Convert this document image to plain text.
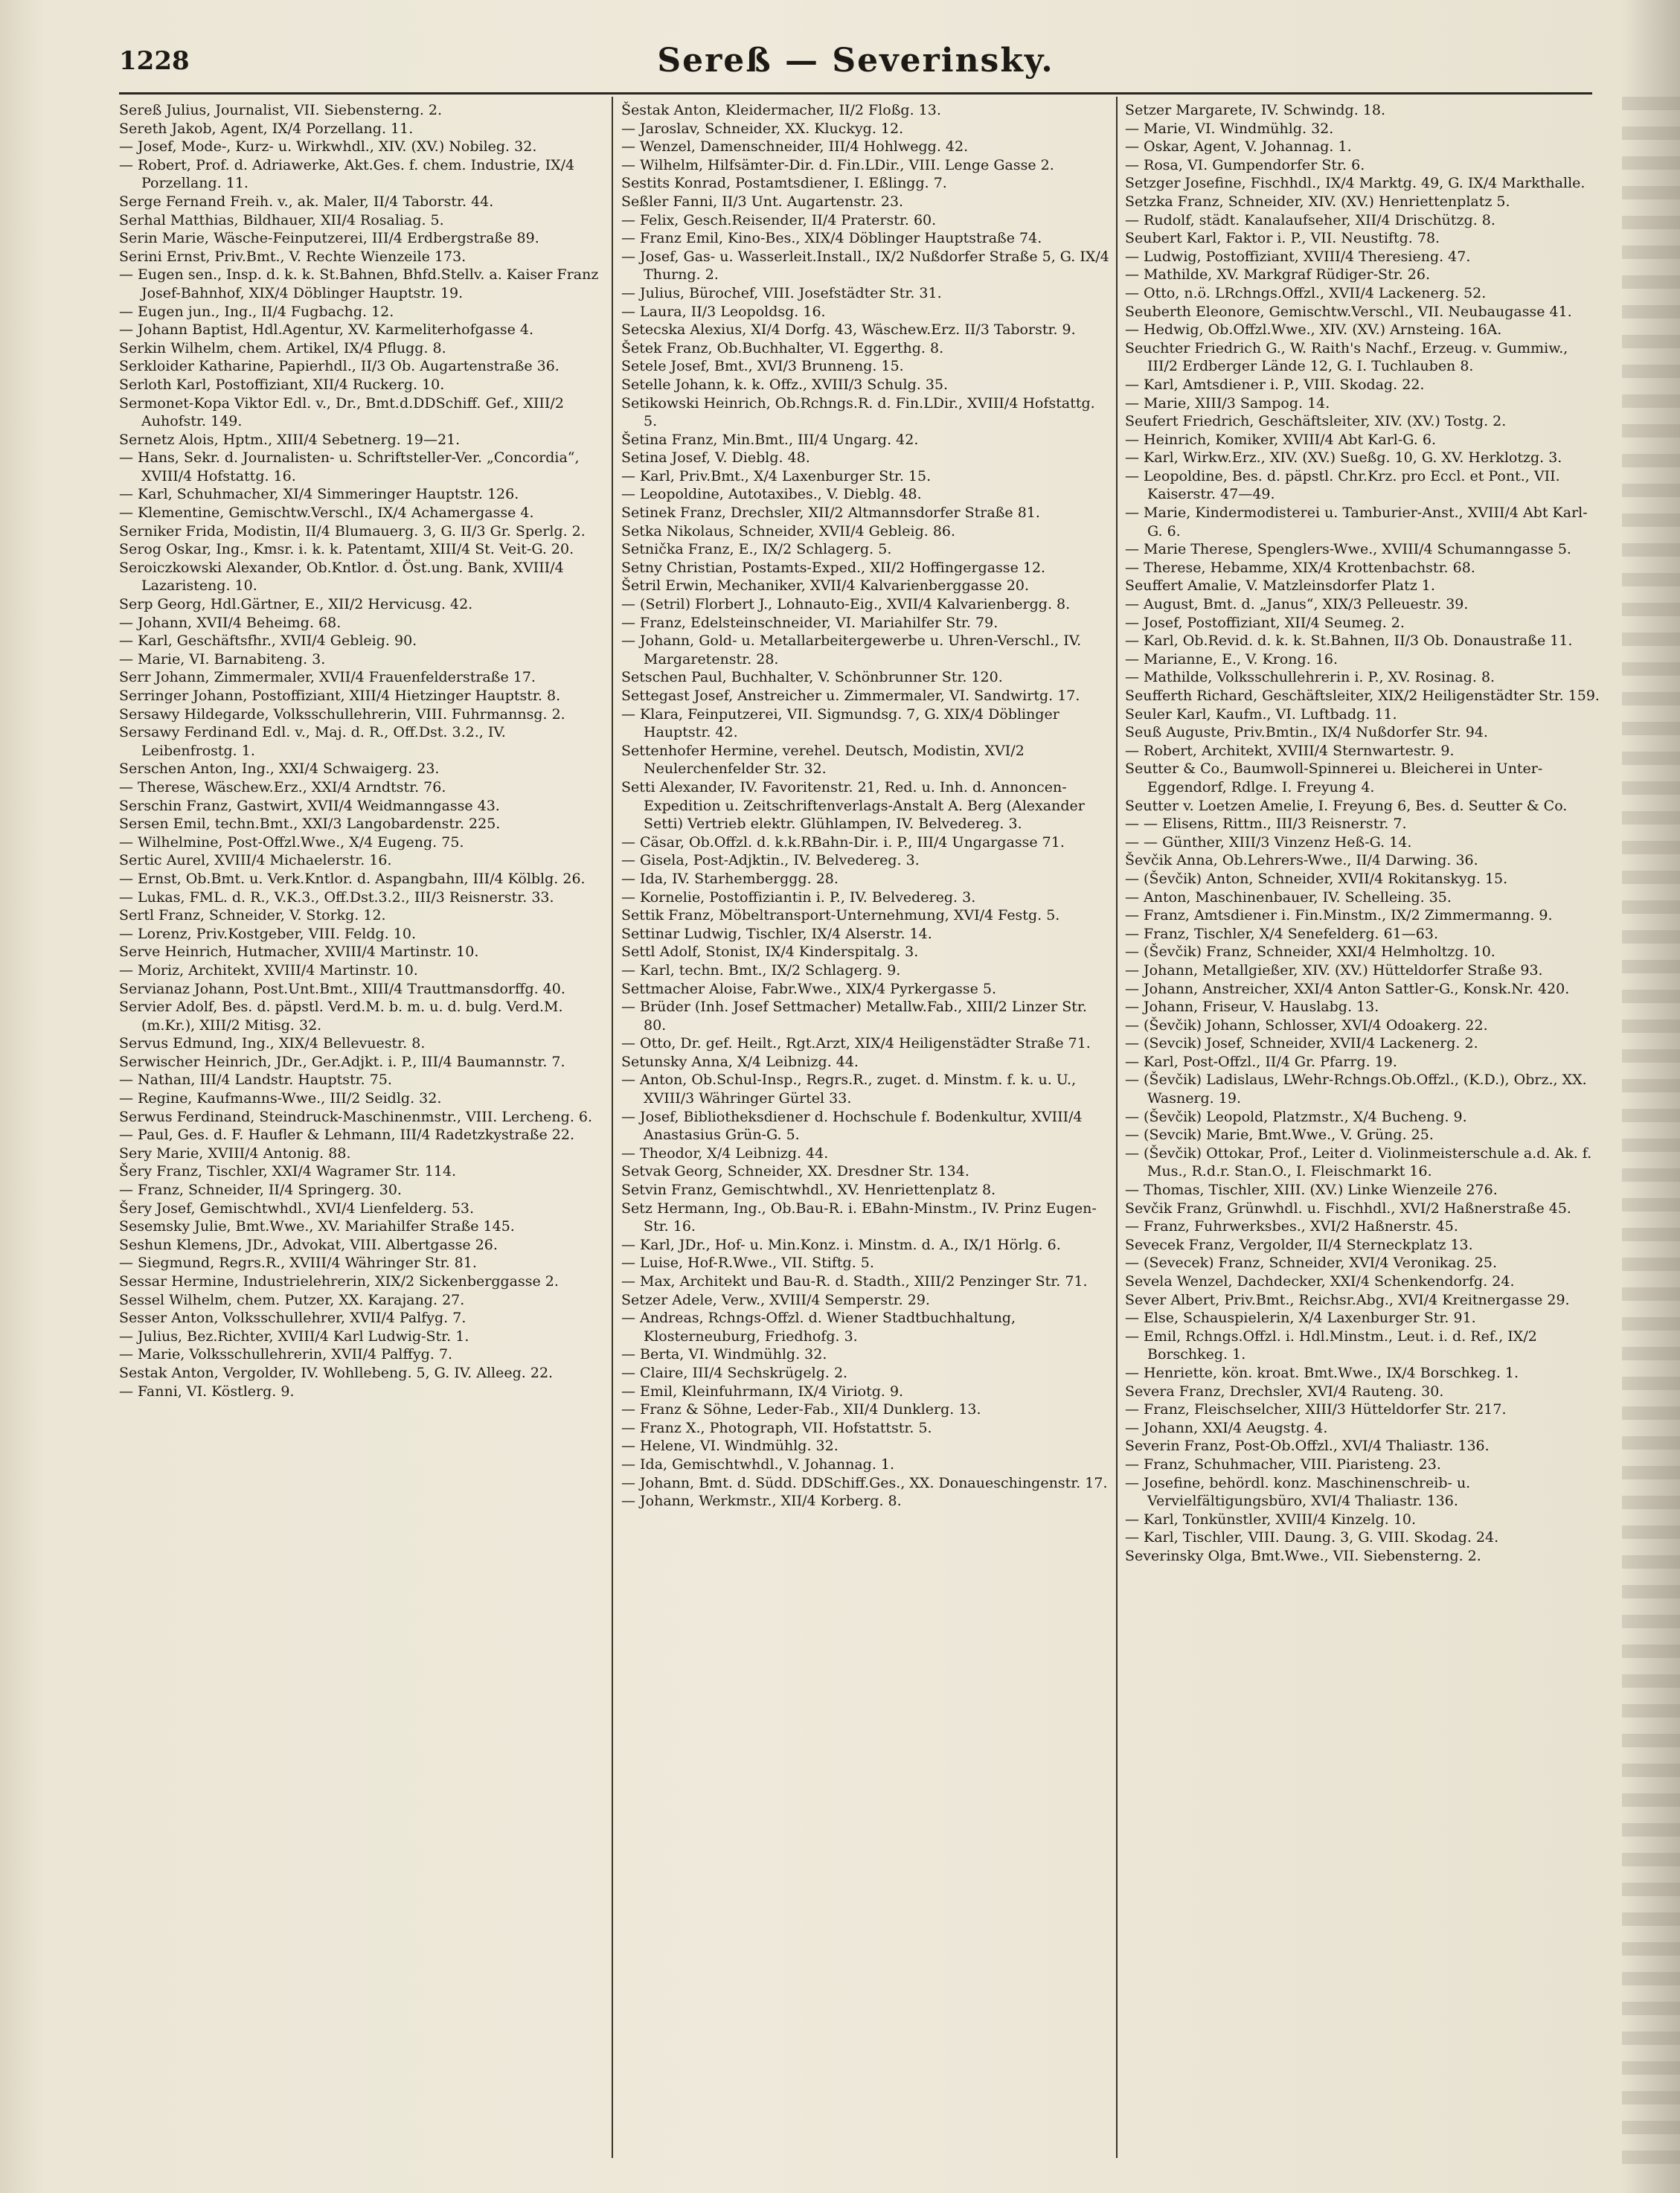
1228	Sereß — Severinsky.
Sereß Julius, Journalist, VII. Siebensterng. 2.
Sereth Jakob, Agent, IX/4 Porzellang. 11.
— Josef, Mode-, Kurz- u. Wirkwhdl., XIV. (XV.) Nobileg. 32.
— Robert, Prof. d. Adriawerke, Akt.Ges. f. chem. Industrie, IX/4 Porzellang. 11.
Serge Fernand Freih. v., ak. Maler, II/4 Taborstr. 44.
Serhal Matthias, Bildhauer, XII/4 Rosaliag. 5.
Serin Marie, Wäsche-Feinputzerei, III/4 Erdbergstraße 89.
Serini Ernst, Priv.Bmt., V. Rechte Wienzeile 173.
— Eugen sen., Insp. d. k. k. St.Bahnen, Bhfd.Stellv. a. Kaiser Franz Josef-Bahnhof, XIX/4 Döblinger Hauptstr. 19.
— Eugen jun., Ing., II/4 Fugbachg. 12.
— Johann Baptist, Hdl.Agentur, XV. Karmeliterhofgasse 4.
Serkin Wilhelm, chem. Artikel, IX/4 Pflugg. 8.
Serkloider Katharine, Papierhdl., II/3 Ob. Augartenstraße 36.
Serloth Karl, Postoffiziant, XII/4 Ruckerg. 10.
Sermonet-Kopa Viktor Edl. v., Dr., Bmt.d.DDSchiff. Gef., XIII/2 Auhofstr. 149.
Sernetz Alois, Hptm., XIII/4 Sebetnerg. 19—21.
— Hans, Sekr. d. Journalisten- u. Schriftsteller-Ver. „Concordia“, XVIII/4 Hofstattg. 16.
— Karl, Schuhmacher, XI/4 Simmeringer Hauptstr. 126.
— Klementine, Gemischtw.Verschl., IX/4 Achamergasse 4.
Serniker Frida, Modistin, II/4 Blumauerg. 3, G. II/3 Gr. Sperlg. 2.
Serog Oskar, Ing., Kmsr. i. k. k. Patentamt, XIII/4 St. Veit-G. 20.
Seroiczkowski Alexander, Ob.Kntlor. d. Öst.ung. Bank, XVIII/4 Lazaristeng. 10.
Serp Georg, Hdl.Gärtner, E., XII/2 Hervicusg. 42.
— Johann, XVII/4 Beheimg. 68.
— Karl, Geschäftsfhr., XVII/4 Gebleig. 90.
— Marie, VI. Barnabiteng. 3.
Serr Johann, Zimmermaler, XVII/4 Frauenfelderstraße 17.
Serringer Johann, Postoffiziant, XIII/4 Hietzinger Hauptstr. 8.
Sersawy Hildegarde, Volksschullehrerin, VIII. Fuhrmannsg. 2.
Sersawy Ferdinand Edl. v., Maj. d. R., Off.Dst. 3.2., IV. Leibenfrostg. 1.
Serschen Anton, Ing., XXI/4 Schwaigerg. 23.
— Therese, Wäschew.Erz., XXI/4 Arndtstr. 76.
Serschin Franz, Gastwirt, XVII/4 Weidmanngasse 43.
Sersen Emil, techn.Bmt., XXI/3 Langobardenstr. 225.
— Wilhelmine, Post-Offzl.Wwe., X/4 Eugeng. 75.
Sertic Aurel, XVIII/4 Michaelerstr. 16.
— Ernst, Ob.Bmt. u. Verk.Kntlor. d. Aspangbahn, III/4 Kölblg. 26.
— Lukas, FML. d. R., V.K.3., Off.Dst.3.2., III/3 Reisnerstr. 33.
Sertl Franz, Schneider, V. Storkg. 12.
— Lorenz, Priv.Kostgeber, VIII. Feldg. 10.
Serve Heinrich, Hutmacher, XVIII/4 Martinstr. 10.
— Moriz, Architekt, XVIII/4 Martinstr. 10.
Servianaz Johann, Post.Unt.Bmt., XIII/4 Trauttmansdorffg. 40.
Servier Adolf, Bes. d. päpstl. Verd.M. b. m. u. d. bulg. Verd.M. (m.Kr.), XIII/2 Mitisg. 32.
Servus Edmund, Ing., XIX/4 Bellevuestr. 8.
Serwischer Heinrich, JDr., Ger.Adjkt. i. P., III/4 Baumannstr. 7.
— Nathan, III/4 Landstr. Hauptstr. 75.
— Regine, Kaufmanns-Wwe., III/2 Seidlg. 32.
Serwus Ferdinand, Steindruck-Maschinenmstr., VIII. Lercheng. 6.
— Paul, Ges. d. F. Haufler & Lehmann, III/4 Radetzkystraße 22.
Sery Marie, XVIII/4 Antonig. 88.
Šery Franz, Tischler, XXI/4 Wagramer Str. 114.
— Franz, Schneider, II/4 Springerg. 30.
Šery Josef, Gemischtwhdl., XVI/4 Lienfelderg. 53.
Sesemsky Julie, Bmt.Wwe., XV. Mariahilfer Straße 145.
Seshun Klemens, JDr., Advokat, VIII. Albertgasse 26.
— Siegmund, Regrs.R., XVIII/4 Währinger Str. 81.
Sessar Hermine, Industrielehrerin, XIX/2 Sickenberggasse 2.
Sessel Wilhelm, chem. Putzer, XX. Karajang. 27.
Sesser Anton, Volksschullehrer, XVII/4 Palfyg. 7.
— Julius, Bez.Richter, XVIII/4 Karl Ludwig-Str. 1.
— Marie, Volksschullehrerin, XVII/4 Palffyg. 7.
Sestak Anton, Vergolder, IV. Wohllebeng. 5, G. IV. Alleeg. 22.
— Fanni, VI. Köstlerg. 9.
Šestak Anton, Kleidermacher, II/2 Floßg. 13.
— Jaroslav, Schneider, XX. Kluckyg. 12.
— Wenzel, Damenschneider, III/4 Hohlwegg. 42.
— Wilhelm, Hilfsämter-Dir. d. Fin.LDir., VIII. Lenge Gasse 2.
Sestits Konrad, Postamtsdiener, I. Eßlingg. 7.
Seßler Fanni, II/3 Unt. Augartenstr. 23.
— Felix, Gesch.Reisender, II/4 Praterstr. 60.
— Franz Emil, Kino-Bes., XIX/4 Döblinger Hauptstraße 74.
— Josef, Gas- u. Wasserleit.Install., IX/2 Nußdorfer Straße 5, G. IX/4 Thurng. 2.
— Julius, Bürochef, VIII. Josefstädter Str. 31.
— Laura, II/3 Leopoldsg. 16.
Setecska Alexius, XI/4 Dorfg. 43, Wäschew.Erz. II/3 Taborstr. 9.
Šetek Franz, Ob.Buchhalter, VI. Eggerthg. 8.
Setele Josef, Bmt., XVI/3 Brunneng. 15.
Setelle Johann, k. k. Offz., XVIII/3 Schulg. 35.
Setikowski Heinrich, Ob.Rchngs.R. d. Fin.LDir., XVIII/4 Hofstattg. 5.
Šetina Franz, Min.Bmt., III/4 Ungarg. 42.
Setina Josef, V. Dieblg. 48.
— Karl, Priv.Bmt., X/4 Laxenburger Str. 15.
— Leopoldine, Autotaxibes., V. Dieblg. 48.
Setinek Franz, Drechsler, XII/2 Altmannsdorfer Straße 81.
Setka Nikolaus, Schneider, XVII/4 Gebleig. 86.
Setnička Franz, E., IX/2 Schlagerg. 5.
Setny Christian, Postamts-Exped., XII/2 Hoffingergasse 12.
Šetril Erwin, Mechaniker, XVII/4 Kalvarienberggasse 20.
— (Setril) Florbert J., Lohnauto-Eig., XVII/4 Kalvarienbergg. 8.
— Franz, Edelsteinschneider, VI. Mariahilfer Str. 79.
— Johann, Gold- u. Metallarbeitergewerbe u. Uhren-Verschl., IV. Margaretenstr. 28.
Setschen Paul, Buchhalter, V. Schönbrunner Str. 120.
Settegast Josef, Anstreicher u. Zimmermaler, VI. Sandwirtg. 17.
— Klara, Feinputzerei, VII. Sigmundsg. 7, G. XIX/4 Döblinger Hauptstr. 42.
Settenhofer Hermine, verehel. Deutsch, Modistin, XVI/2 Neulerchenfelder Str. 32.
Setti Alexander, IV. Favoritenstr. 21, Red. u. Inh. d. Annoncen-Expedition u. Zeitschriftenverlags-Anstalt A. Berg (Alexander Setti) Vertrieb elektr. Glühlampen, IV. Belvedereg. 3.
— Cäsar, Ob.Offzl. d. k.k.RBahn-Dir. i. P., III/4 Ungargasse 71.
— Gisela, Post-Adjktin., IV. Belvedereg. 3.
— Ida, IV. Starhemberggg. 28.
— Kornelie, Postoffiziantin i. P., IV. Belvedereg. 3.
Settik Franz, Möbeltransport-Unternehmung, XVI/4 Festg. 5.
Settinar Ludwig, Tischler, IX/4 Alserstr. 14.
Settl Adolf, Stonist, IX/4 Kinderspitalg. 3.
— Karl, techn. Bmt., IX/2 Schlagerg. 9.
Settmacher Aloise, Fabr.Wwe., XIX/4 Pyrkergasse 5.
— Brüder (Inh. Josef Settmacher) Metallw.Fab., XIII/2 Linzer Str. 80.
— Otto, Dr. gef. Heilt., Rgt.Arzt, XIX/4 Heiligenstädter Straße 71.
Setunsky Anna, X/4 Leibnizg. 44.
— Anton, Ob.Schul-Insp., Regrs.R., zuget. d. Minstm. f. k. u. U., XVIII/3 Währinger Gürtel 33.
— Josef, Bibliotheksdiener d. Hochschule f. Bodenkultur, XVIII/4 Anastasius Grün-G. 5.
— Theodor, X/4 Leibnizg. 44.
Setvak Georg, Schneider, XX. Dresdner Str. 134.
Setvin Franz, Gemischtwhdl., XV. Henriettenplatz 8.
Setz Hermann, Ing., Ob.Bau-R. i. EBahn-Minstm., IV. Prinz Eugen-Str. 16.
— Karl, JDr., Hof- u. Min.Konz. i. Minstm. d. A., IX/1 Hörlg. 6.
— Luise, Hof-R.Wwe., VII. Stiftg. 5.
— Max, Architekt und Bau-R. d. Stadth., XIII/2 Penzinger Str. 71.
Setzer Adele, Verw., XVIII/4 Semperstr. 29.
— Andreas, Rchngs-Offzl. d. Wiener Stadtbuchhaltung, Klosterneuburg, Friedhofg. 3.
— Berta, VI. Windmühlg. 32.
— Claire, III/4 Sechskrügelg. 2.
— Emil, Kleinfuhrmann, IX/4 Viriotg. 9.
— Franz & Söhne, Leder-Fab., XII/4 Dunklerg. 13.
— Franz X., Photograph, VII. Hofstattstr. 5.
— Helene, VI. Windmühlg. 32.
— Ida, Gemischtwhdl., V. Johannag. 1.
— Johann, Bmt. d. Südd. DDSchiff.Ges., XX. Donaueschingenstr. 17.
— Johann, Werkmstr., XII/4 Korberg. 8.
Setzer Margarete, IV. Schwindg. 18.
— Marie, VI. Windmühlg. 32.
— Oskar, Agent, V. Johannag. 1.
— Rosa, VI. Gumpendorfer Str. 6.
Setzger Josefine, Fischhdl., IX/4 Marktg. 49, G. IX/4 Markthalle.
Setzka Franz, Schneider, XIV. (XV.) Henriettenplatz 5.
— Rudolf, städt. Kanalaufseher, XII/4 Drischützg. 8.
Seubert Karl, Faktor i. P., VII. Neustiftg. 78.
— Ludwig, Postoffiziant, XVIII/4 Theresieng. 47.
— Mathilde, XV. Markgraf Rüdiger-Str. 26.
— Otto, n.ö. LRchngs.Offzl., XVII/4 Lackenerg. 52.
Seuberth Eleonore, Gemischtw.Verschl., VII. Neubaugasse 41.
— Hedwig, Ob.Offzl.Wwe., XIV. (XV.) Arnsteing. 16A.
Seuchter Friedrich G., W. Raith's Nachf., Erzeug. v. Gummiw., III/2 Erdberger Lände 12, G. I. Tuchlauben 8.
— Karl, Amtsdiener i. P., VIII. Skodag. 22.
— Marie, XIII/3 Sampog. 14.
Seufert Friedrich, Geschäftsleiter, XIV. (XV.) Tostg. 2.
— Heinrich, Komiker, XVIII/4 Abt Karl-G. 6.
— Karl, Wirkw.Erz., XIV. (XV.) Sueßg. 10, G. XV. Herklotzg. 3.
— Leopoldine, Bes. d. päpstl. Chr.Krz. pro Eccl. et Pont., VII. Kaiserstr. 47—49.
— Marie, Kindermodisterei u. Tamburier-Anst., XVIII/4 Abt Karl-G. 6.
— Marie Therese, Spenglers-Wwe., XVIII/4 Schumanngasse 5.
— Therese, Hebamme, XIX/4 Krottenbachstr. 68.
Seuffert Amalie, V. Matzleinsdorfer Platz 1.
— August, Bmt. d. „Janus“, XIX/3 Pelleuestr. 39.
— Josef, Postoffiziant, XII/4 Seumeg. 2.
— Karl, Ob.Revid. d. k. k. St.Bahnen, II/3 Ob. Donaustraße 11.
— Marianne, E., V. Krong. 16.
— Mathilde, Volksschullehrerin i. P., XV. Rosinag. 8.
Seufferth Richard, Geschäftsleiter, XIX/2 Heiligenstädter Str. 159.
Seuler Karl, Kaufm., VI. Luftbadg. 11.
Seuß Auguste, Priv.Bmtin., IX/4 Nußdorfer Str. 94.
— Robert, Architekt, XVIII/4 Sternwartestr. 9.
Seutter & Co., Baumwoll-Spinnerei u. Bleicherei in Unter-Eggendorf, Rdlge. I. Freyung 4.
Seutter v. Loetzen Amelie, I. Freyung 6, Bes. d. Seutter & Co.
— — Elisens, Rittm., III/3 Reisnerstr. 7.
— — Günther, XIII/3 Vinzenz Heß-G. 14.
Ševčik Anna, Ob.Lehrers-Wwe., II/4 Darwing. 36.
— (Ševčik) Anton, Schneider, XVII/4 Rokitanskyg. 15.
— Anton, Maschinenbauer, IV. Schelleing. 35.
— Franz, Amtsdiener i. Fin.Minstm., IX/2 Zimmermanng. 9.
— Franz, Tischler, X/4 Senefelderg. 61—63.
— (Ševčik) Franz, Schneider, XXI/4 Helmholtzg. 10.
— Johann, Metallgießer, XIV. (XV.) Hütteldorfer Straße 93.
— Johann, Anstreicher, XXI/4 Anton Sattler-G., Konsk.Nr. 420.
— Johann, Friseur, V. Hauslabg. 13.
— (Ševčik) Johann, Schlosser, XVI/4 Odoakerg. 22.
— (Sevcik) Josef, Schneider, XVII/4 Lackenerg. 2.
— Karl, Post-Offzl., II/4 Gr. Pfarrg. 19.
— (Ševčik) Ladislaus, LWehr-Rchngs.Ob.Offzl., (K.D.), Obrz., XX. Wasnerg. 19.
— (Ševčik) Leopold, Platzmstr., X/4 Bucheng. 9.
— (Sevcik) Marie, Bmt.Wwe., V. Grüng. 25.
— (Ševčik) Ottokar, Prof., Leiter d. Violinmeisterschule a.d. Ak. f. Mus., R.d.r. Stan.O., I. Fleischmarkt 16.
— Thomas, Tischler, XIII. (XV.) Linke Wienzeile 276.
Sevčik Franz, Grünwhdl. u. Fischhdl., XVI/2 Haßnerstraße 45.
— Franz, Fuhrwerksbes., XVI/2 Haßnerstr. 45.
Sevecek Franz, Vergolder, II/4 Sterneckplatz 13.
— (Sevecek) Franz, Schneider, XVI/4 Veronikag. 25.
Sevela Wenzel, Dachdecker, XXI/4 Schenkendorfg. 24.
Sever Albert, Priv.Bmt., Reichsr.Abg., XVI/4 Kreitnergasse 29.
— Else, Schauspielerin, X/4 Laxenburger Str. 91.
— Emil, Rchngs.Offzl. i. Hdl.Minstm., Leut. i. d. Ref., IX/2 Borschkeg. 1.
— Henriette, kön. kroat. Bmt.Wwe., IX/4 Borschkeg. 1.
Severa Franz, Drechsler, XVI/4 Rauteng. 30.
— Franz, Fleischselcher, XIII/3 Hütteldorfer Str. 217.
— Johann, XXI/4 Aeugstg. 4.
Severin Franz, Post-Ob.Offzl., XVI/4 Thaliastr. 136.
— Franz, Schuhmacher, VIII. Piaristeng. 23.
— Josefine, behördl. konz. Maschinenschreib- u. Vervielfältigungsbüro, XVI/4 Thaliastr. 136.
— Karl, Tonkünstler, XVIII/4 Kinzelg. 10.
— Karl, Tischler, VIII. Daung. 3, G. VIII. Skodag. 24.
Severinsky Olga, Bmt.Wwe., VII. Siebensterng. 2.
